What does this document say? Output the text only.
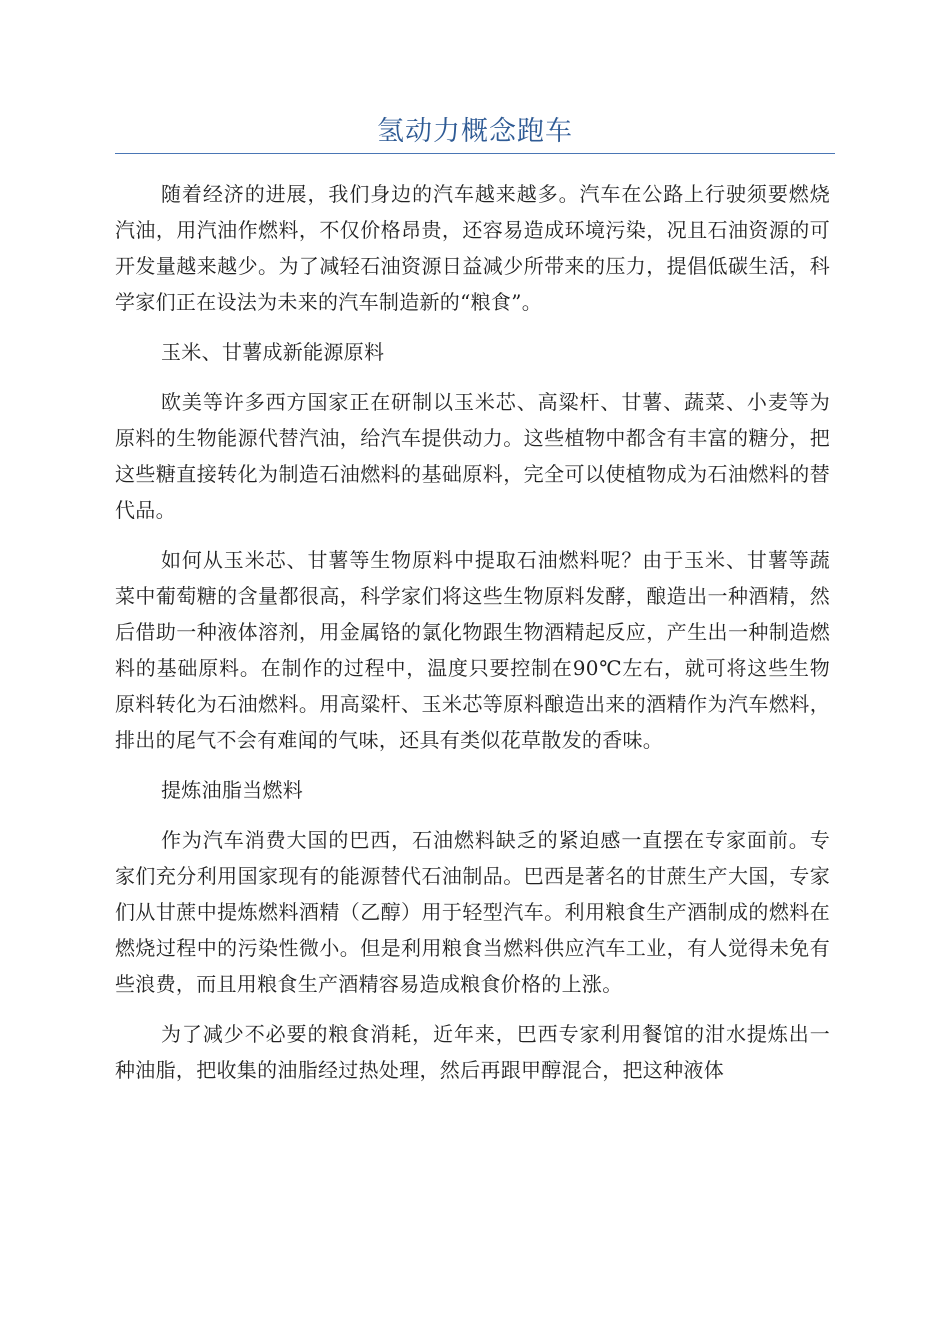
氢动力概念跑车

随着经济的进展，我们身边的汽车越来越多。汽车在公路上行驶须要燃烧汽油，用汽油作燃料，不仅价格昂贵，还容易造成环境污染，况且石油资源的可开发量越来越少。为了减轻石油资源日益减少所带来的压力，提倡低碳生活，科学家们正在设法为未来的汽车制造新的“粮食”。

玉米、甘薯成新能源原料

欧美等许多西方国家正在研制以玉米芯、高粱杆、甘薯、蔬菜、小麦等为原料的生物能源代替汽油，给汽车提供动力。这些植物中都含有丰富的糖分，把这些糖直接转化为制造石油燃料的基础原料，完全可以使植物成为石油燃料的替代品。

如何从玉米芯、甘薯等生物原料中提取石油燃料呢？由于玉米、甘薯等蔬菜中葡萄糖的含量都很高，科学家们将这些生物原料发酵，酿造出一种酒精，然后借助一种液体溶剂，用金属铬的氯化物跟生物酒精起反应，产生出一种制造燃料的基础原料。在制作的过程中，温度只要控制在90℃左右，就可将这些生物原料转化为石油燃料。用高粱杆、玉米芯等原料酿造出来的酒精作为汽车燃料，排出的尾气不会有难闻的气味，还具有类似花草散发的香味。

提炼油脂当燃料

作为汽车消费大国的巴西，石油燃料缺乏的紧迫感一直摆在专家面前。专家们充分利用国家现有的能源替代石油制品。巴西是著名的甘蔗生产大国，专家们从甘蔗中提炼燃料酒精（乙醇）用于轻型汽车。利用粮食生产酒制成的燃料在燃烧过程中的污染性微小。但是利用粮食当燃料供应汽车工业，有人觉得未免有些浪费，而且用粮食生产酒精容易造成粮食价格的上涨。

为了减少不必要的粮食消耗，近年来，巴西专家利用餐馆的泔水提炼出一种油脂，把收集的油脂经过热处理，然后再跟甲醇混合，把这种液体
